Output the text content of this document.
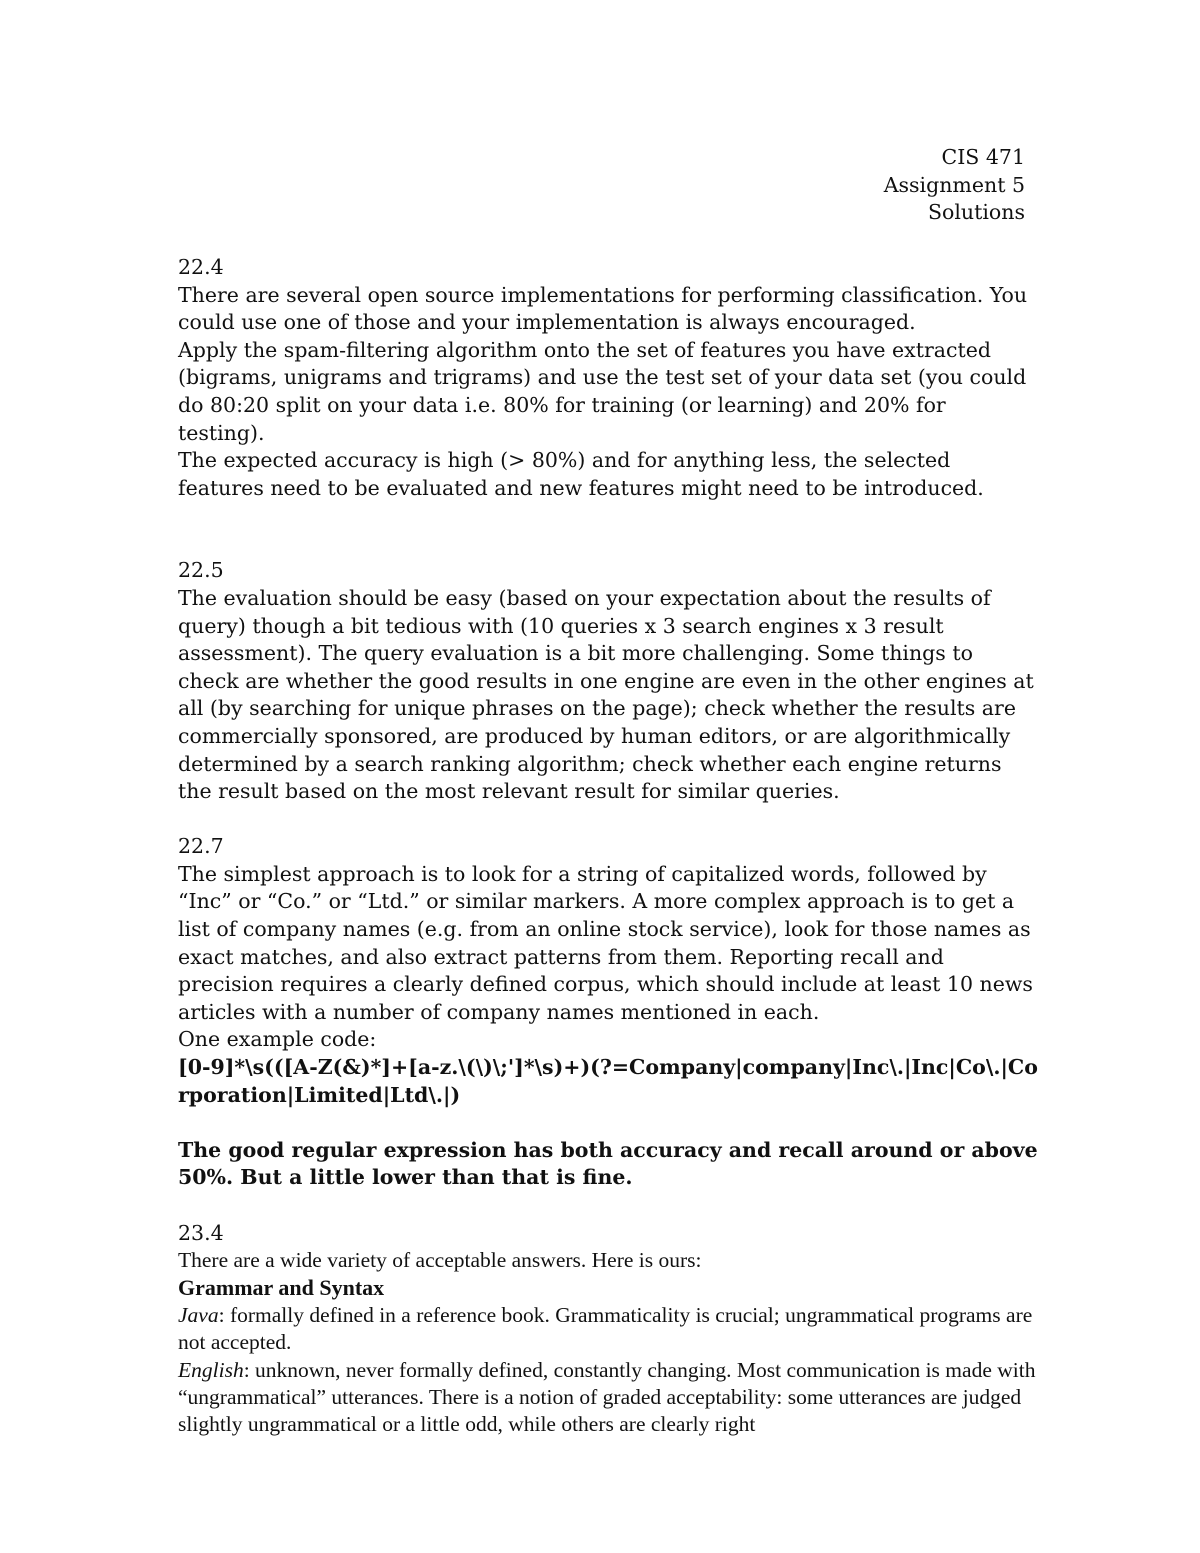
CIS 471
Assignment 5
Solutions
22.4
There are several open source implementations for performing classification. You could use one of those and your implementation is always encouraged.
Apply the spam-filtering algorithm onto the set of features you have extracted (bigrams, unigrams and trigrams) and use the test set of your data set (you could do 80:20 split on your data i.e. 80% for training (or learning) and 20% for testing).
The expected accuracy is high (> 80%) and for anything less, the selected features need to be evaluated and new features might need to be introduced.
22.5
The evaluation should be easy (based on your expectation about the results of query) though a bit tedious with (10 queries x 3 search engines x 3 result assessment). The query evaluation is a bit more challenging. Some things to check are whether the good results in one engine are even in the other engines at all (by searching for unique phrases on the page); check whether the results are commercially sponsored, are produced by human editors, or are algorithmically determined by a search ranking algorithm; check whether each engine returns the result based on the most relevant result for similar queries.
22.7
The simplest approach is to look for a string of capitalized words, followed by “Inc” or “Co.” or “Ltd.” or similar markers. A more complex approach is to get a list of company names (e.g. from an online stock service), look for those names as exact matches, and also extract patterns from them. Reporting recall and precision requires a clearly defined corpus, which should include at least 10 news articles with a number of company names mentioned in each.
One example code:
[0-9]*\s(([A-Z(&)*]+[a-z.\(\)\;']*\s)+)(?=Company|company|Inc\.|Inc|Co\.|Corporation|Limited|Ltd\.|)
The good regular expression has both accuracy and recall around or above 50%. But a little lower than that is fine.
23.4
There are a wide variety of acceptable answers. Here is ours:
Grammar and Syntax
Java: formally defined in a reference book. Grammaticality is crucial; ungrammatical programs are not accepted.
English: unknown, never formally defined, constantly changing. Most communication is made with “ungrammatical” utterances. There is a notion of graded acceptability: some utterances are judged slightly ungrammatical or a little odd, while others are clearly right
